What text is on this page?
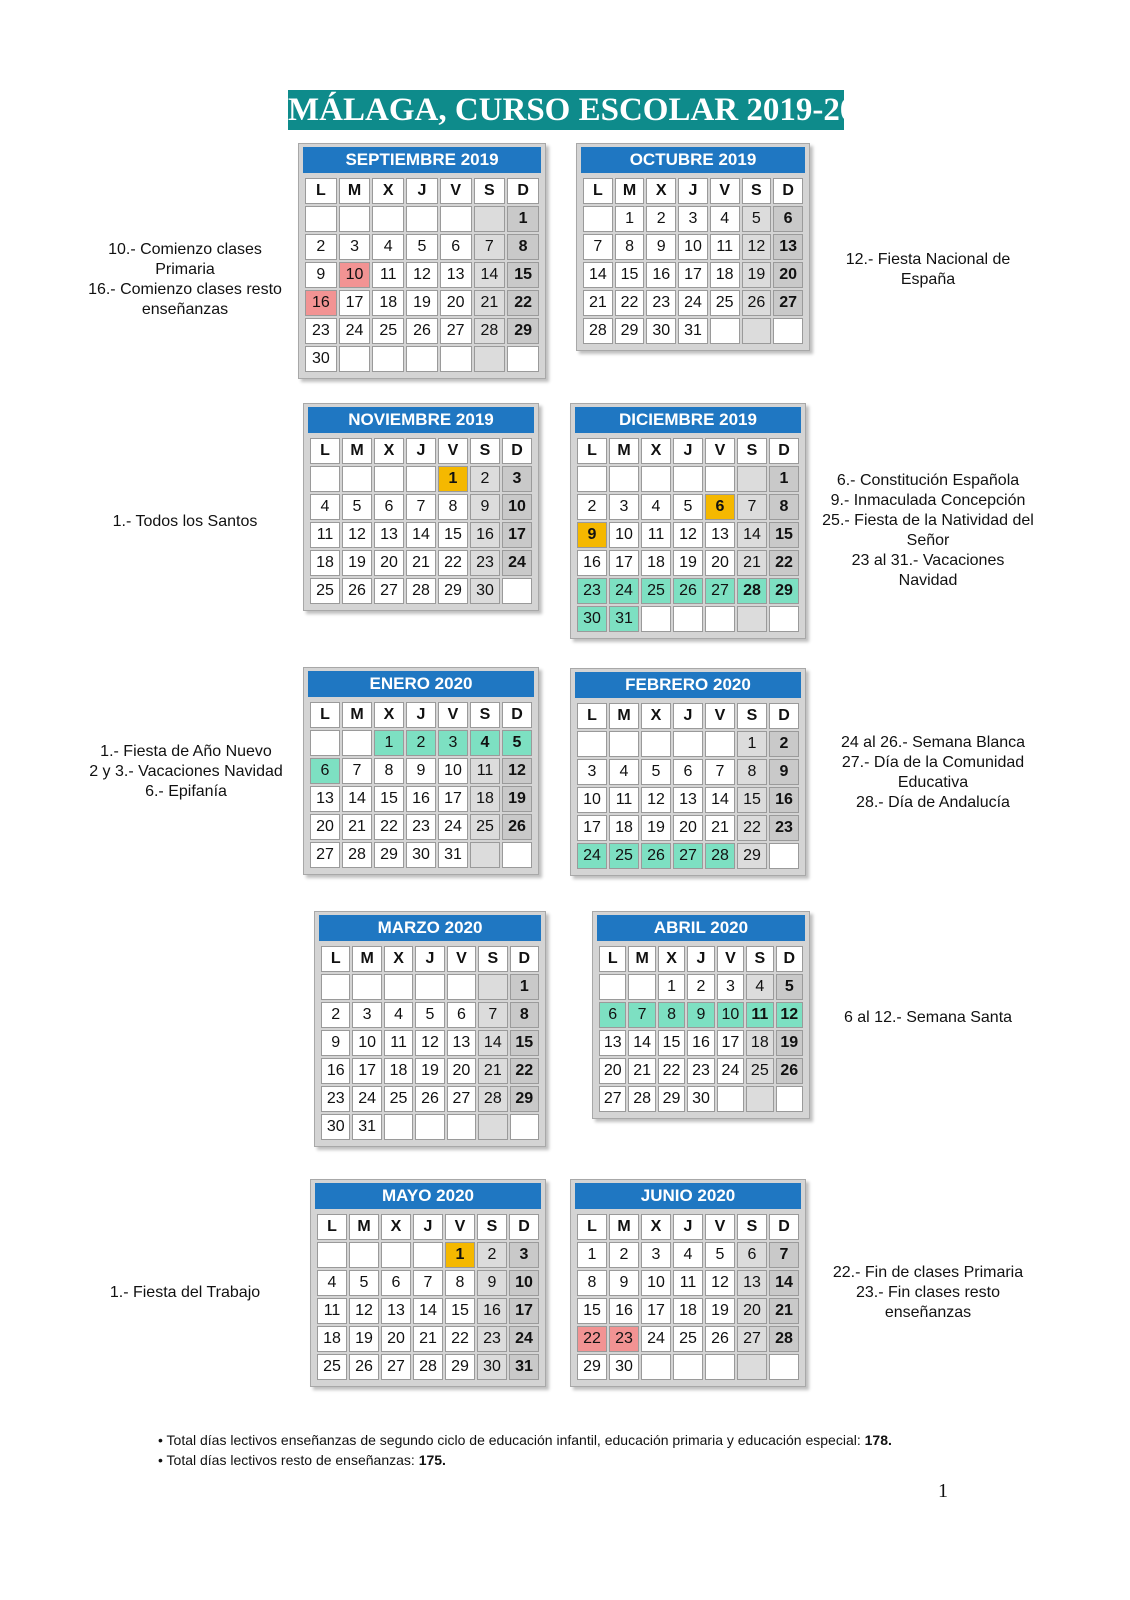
MÁLAGA, CURSO ESCOLAR 2019-2020
SEPTIEMBRE 2019
L	M	X	J	V	S	D
						1
2	3	4	5	6	7	8
9	10	11	12	13	14	15
16	17	18	19	20	21	22
23	24	25	26	27	28	29
30						
OCTUBRE 2019
L	M	X	J	V	S	D
	1	2	3	4	5	6
7	8	9	10	11	12	13
14	15	16	17	18	19	20
21	22	23	24	25	26	27
28	29	30	31			
NOVIEMBRE 2019
L	M	X	J	V	S	D
				1	2	3
4	5	6	7	8	9	10
11	12	13	14	15	16	17
18	19	20	21	22	23	24
25	26	27	28	29	30	
DICIEMBRE 2019
L	M	X	J	V	S	D
						1
2	3	4	5	6	7	8
9	10	11	12	13	14	15
16	17	18	19	20	21	22
23	24	25	26	27	28	29
30	31					
ENERO 2020
L	M	X	J	V	S	D
		1	2	3	4	5
6	7	8	9	10	11	12
13	14	15	16	17	18	19
20	21	22	23	24	25	26
27	28	29	30	31		
FEBRERO 2020
L	M	X	J	V	S	D
					1	2
3	4	5	6	7	8	9
10	11	12	13	14	15	16
17	18	19	20	21	22	23
24	25	26	27	28	29	
MARZO 2020
L	M	X	J	V	S	D
						1
2	3	4	5	6	7	8
9	10	11	12	13	14	15
16	17	18	19	20	21	22
23	24	25	26	27	28	29
30	31					
ABRIL 2020
L	M	X	J	V	S	D
		1	2	3	4	5
6	7	8	9	10	11	12
13	14	15	16	17	18	19
20	21	22	23	24	25	26
27	28	29	30			
MAYO 2020
L	M	X	J	V	S	D
				1	2	3
4	5	6	7	8	9	10
11	12	13	14	15	16	17
18	19	20	21	22	23	24
25	26	27	28	29	30	31
JUNIO 2020
L	M	X	J	V	S	D
1	2	3	4	5	6	7
8	9	10	11	12	13	14
15	16	17	18	19	20	21
22	23	24	25	26	27	28
29	30					
10.- Comienzo clases
Primaria
16.- Comienzo clases resto
enseñanzas
12.- Fiesta Nacional de
España
1.- Todos los Santos
6.- Constitución Española
9.- Inmaculada Concepción
25.- Fiesta de la Natividad del
Señor
23 al 31.- Vacaciones
Navidad
1.- Fiesta de Año Nuevo
2 y 3.- Vacaciones Navidad
6.- Epifanía
24 al 26.- Semana Blanca
27.- Día de la Comunidad
Educativa
28.- Día de Andalucía
6 al 12.- Semana Santa
1.- Fiesta del Trabajo
22.- Fin de clases Primaria
23.- Fin clases resto
enseñanzas
• Total días lectivos enseñanzas de segundo ciclo de educación infantil, educación primaria y educación especial: 178.
• Total días lectivos resto de enseñanzas: 175.
1
